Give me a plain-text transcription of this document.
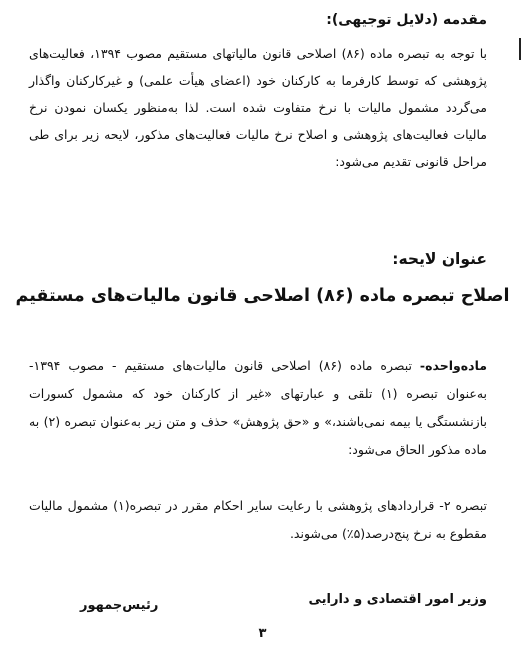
مقدمه (دلایل توجیهی):

با توجه به تبصره ماده (۸۶) اصلاحی قانون مالیاتهای مستقیم مصوب ۱۳۹۴، فعالیت‌های پژوهشی که توسط کارفرما به کارکنان خود (اعضای هیأت علمی) و غیرکارکنان واگذار می‌گردد مشمول مالیات با نرخ متفاوت شده است. لذا به‌منظور یکسان نمودن نرخ مالیات فعالیت‌های پژوهشی و اصلاح نرخ مالیات فعالیت‌های مذکور، لایحه زیر برای طی مراحل قانونی تقدیم می‌شود:

عنوان لایحه:
اصلاح تبصره ماده (۸۶) اصلاحی قانون مالیات‌های مستقیم

ماده‌واحده- تبصره ماده (۸۶) اصلاحی قانون مالیات‌های مستقیم - مصوب ۱۳۹۴- به‌عنوان تبصره (۱) تلقی و عبارتهای «غیر از کارکنان خود که مشمول کسورات بازنشستگی یا بیمه نمی‌باشند،» و «حق پژوهش» حذف و متن زیر به‌عنوان تبصره (۲) به ماده مذکور الحاق می‌شود:

تبصره ۲- قراردادهای پژوهشی با رعایت سایر احکام مقرر در تبصره(۱) مشمول مالیات مقطوع به نرخ پنج‌درصد(۵٪) می‌شوند.

وزیر امور اقتصادی و دارایی
رئیس‌جمهور
۳
